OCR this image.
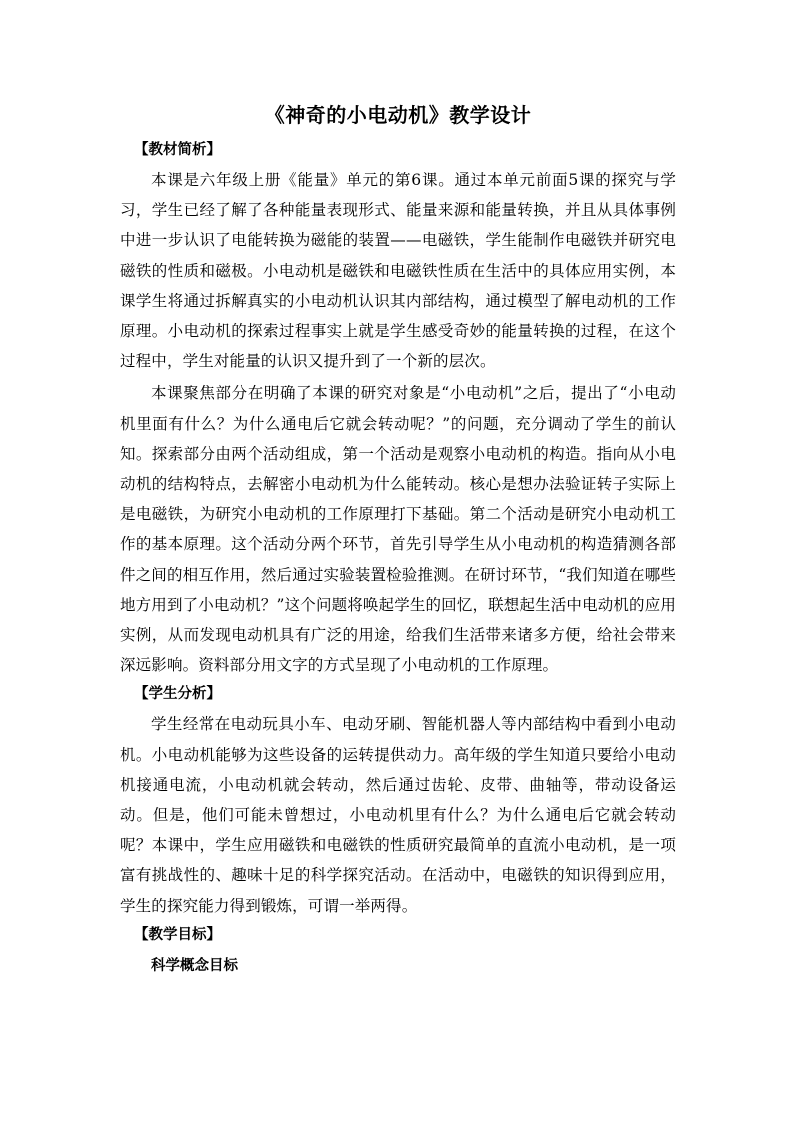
《神奇的小电动机》教学设计
【教材简析】

本课是六年级上册《能量》单元的第6课。通过本单元前面5课的探究与学习，学生已经了解了各种能量表现形式、能量来源和能量转换，并且从具体事例中进一步认识了电能转换为磁能的装置——电磁铁，学生能制作电磁铁并研究电磁铁的性质和磁极。小电动机是磁铁和电磁铁性质在生活中的具体应用实例，本课学生将通过拆解真实的小电动机认识其内部结构，通过模型了解电动机的工作原理。小电动机的探索过程事实上就是学生感受奇妙的能量转换的过程，在这个过程中，学生对能量的认识又提升到了一个新的层次。

本课聚焦部分在明确了本课的研究对象是“小电动机”之后，提出了“小电动机里面有什么？为什么通电后它就会转动呢？”的问题，充分调动了学生的前认知。探索部分由两个活动组成，第一个活动是观察小电动机的构造。指向从小电动机的结构特点，去解密小电动机为什么能转动。核心是想办法验证转子实际上是电磁铁，为研究小电动机的工作原理打下基础。第二个活动是研究小电动机工作的基本原理。这个活动分两个环节，首先引导学生从小电动机的构造猜测各部件之间的相互作用，然后通过实验装置检验推测。在研讨环节，“我们知道在哪些地方用到了小电动机？”这个问题将唤起学生的回忆，联想起生活中电动机的应用实例，从而发现电动机具有广泛的用途，给我们生活带来诸多方便，给社会带来深远影响。资料部分用文字的方式呈现了小电动机的工作原理。

【学生分析】

学生经常在电动玩具小车、电动牙刷、智能机器人等内部结构中看到小电动机。小电动机能够为这些设备的运转提供动力。高年级的学生知道只要给小电动机接通电流，小电动机就会转动，然后通过齿轮、皮带、曲轴等，带动设备运动。但是，他们可能未曾想过，小电动机里有什么？为什么通电后它就会转动呢？本课中，学生应用磁铁和电磁铁的性质研究最简单的直流小电动机，是一项富有挑战性的、趣味十足的科学探究活动。在活动中，电磁铁的知识得到应用，学生的探究能力得到锻炼，可谓一举两得。

【教学目标】
科学概念目标
